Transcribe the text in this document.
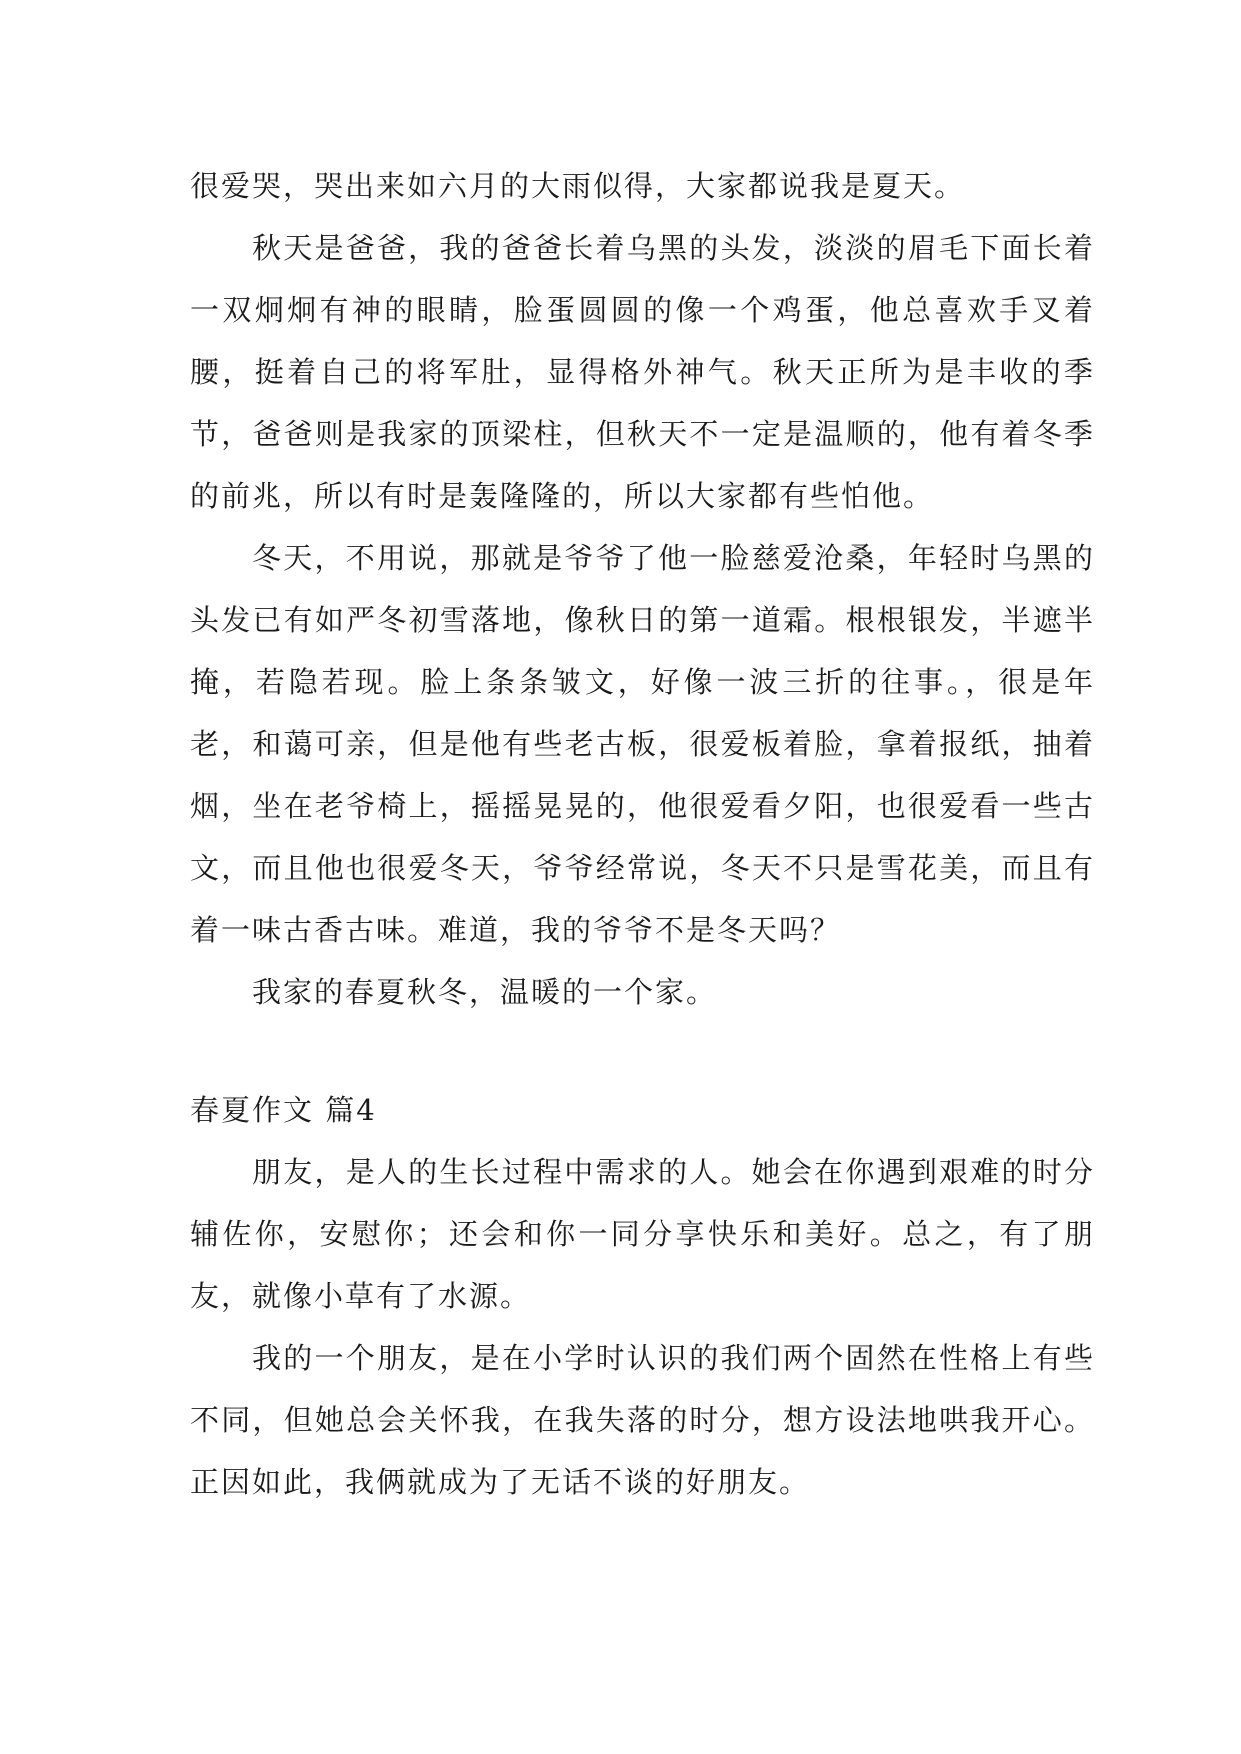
很爱哭，哭出来如六月的大雨似得，大家都说我是夏天。

秋天是爸爸，我的爸爸长着乌黑的头发，淡淡的眉毛下面长着一双炯炯有神的眼睛，脸蛋圆圆的像一个鸡蛋，他总喜欢手叉着腰，挺着自己的将军肚，显得格外神气。秋天正所为是丰收的季节，爸爸则是我家的顶梁柱，但秋天不一定是温顺的，他有着冬季的前兆，所以有时是轰隆隆的，所以大家都有些怕他。

冬天，不用说，那就是爷爷了他一脸慈爱沧桑，年轻时乌黑的头发已有如严冬初雪落地，像秋日的第一道霜。根根银发，半遮半掩，若隐若现。脸上条条皱文，好像一波三折的往事。，很是年老，和蔼可亲，但是他有些老古板，很爱板着脸，拿着报纸，抽着烟，坐在老爷椅上，摇摇晃晃的，他很爱看夕阳，也很爱看一些古文，而且他也很爱冬天，爷爷经常说，冬天不只是雪花美，而且有着一味古香古味。难道，我的爷爷不是冬天吗？

我家的春夏秋冬，温暖的一个家。

春夏作文 篇4

朋友，是人的生长过程中需求的人。她会在你遇到艰难的时分辅佐你，安慰你；还会和你一同分享快乐和美好。总之，有了朋友，就像小草有了水源。

我的一个朋友，是在小学时认识的我们两个固然在性格上有些不同，但她总会关怀我，在我失落的时分，想方设法地哄我开心。正因如此，我俩就成为了无话不谈的好朋友。
